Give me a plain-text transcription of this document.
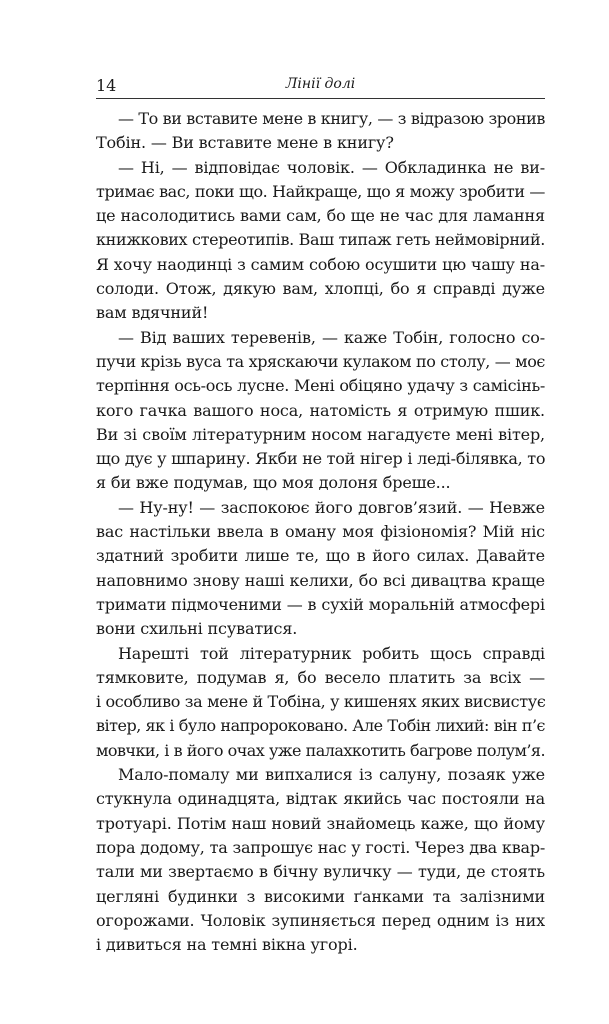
14	Лінії долі

— То ви вставите мене в книгу, — з відразою зронив
Тобін. — Ви вставите мене в книгу?

— Ні, — відповідає чоловік. — Обкладинка не ви-
тримає вас, поки що. Найкраще, що я можу зробити —
це насолодитись вами сам, бо ще не час для ламання
книжкових стереотипів. Ваш типаж геть неймовірний.
Я хочу наодинці з самим собою осушити цю чашу на-
солоди. Отож, дякую вам, хлопці, бо я справді дуже
вам вдячний!

— Від ваших теревенів, — каже Тобін, голосно со-
пучи крізь вуса та хряскаючи кулаком по столу, — моє
терпіння ось-ось лусне. Мені обіцяно удачу з самісінь-
кого гачка вашого носа, натомість я отримую пшик.
Ви зі своїм літературним носом нагадуєте мені вітер,
що дує у шпарину. Якби не той нігер і леді-білявка, то
я би вже подумав, що моя долоня бреше...

— Ну-ну! — заспокоює його довгов’язий. — Невже
вас настільки ввела в оману моя фізіономія? Мій ніс
здатний зробити лише те, що в його силах. Давайте
наповнимо знову наші келихи, бо всі дивацтва краще
тримати підмоченими — в сухій моральній атмосфері
вони схильні псуватися.

Нарешті той літературник робить щось справді
тямковите, подумав я, бо весело платить за всіх —
і особливо за мене й Тобіна, у кишенях яких висвистує
вітер, як і було напророковано. Але Тобін лихий: він п’є
мовчки, і в його очах уже палахкотить багрове полум’я.

Мало-помалу ми випхалися із салуну, позаяк уже
стукнула одинадцята, відтак якийсь час постояли на
тротуарі. Потім наш новий знайомець каже, що йому
пора додому, та запрошує нас у гості. Через два квар-
тали ми звертаємо в бічну вуличку — туди, де стоять
цегляні будинки з високими ґанками та залізними
огорожами. Чоловік зупиняється перед одним із них
і дивиться на темні вікна угорі.
